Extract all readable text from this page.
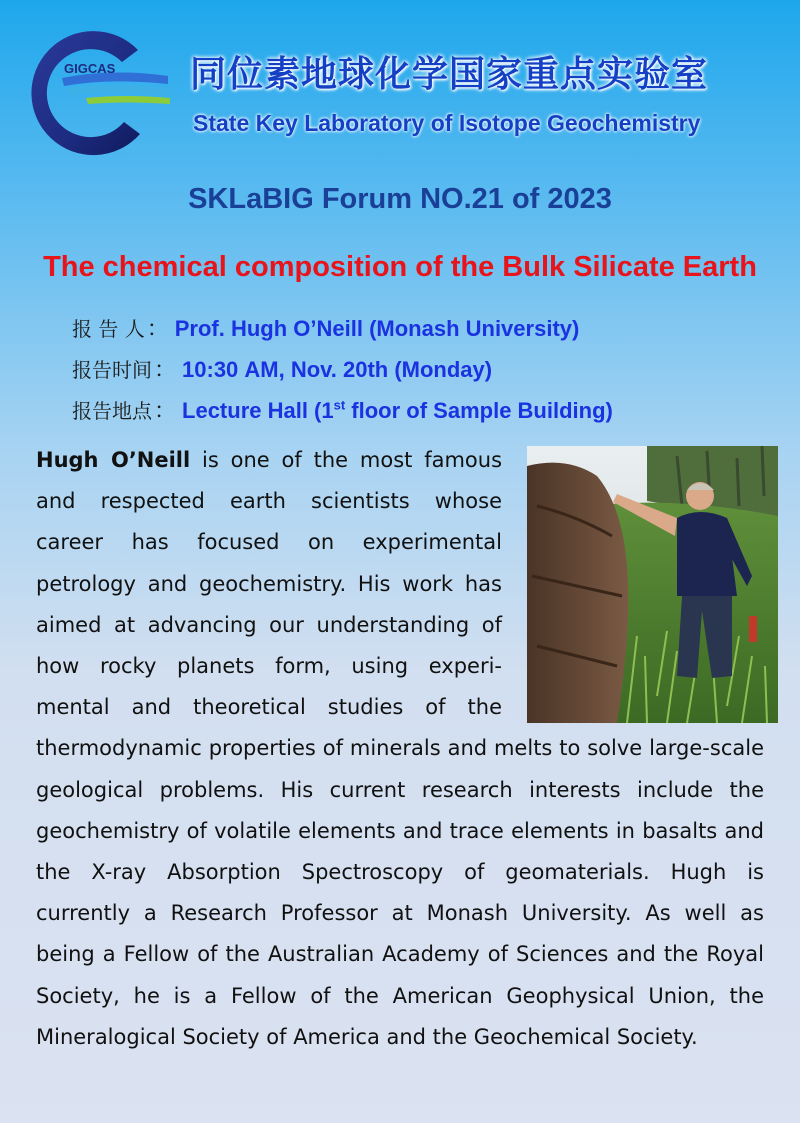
GIGCAS 同位素地球化学国家重点实验室
State Key Laboratory of Isotope Geochemistry
SKLaBIG Forum NO.21 of 2023
The chemical composition of the Bulk Silicate Earth
报 告 人： Prof. Hugh O’Neill (Monash University)
报告时间： 10:30 AM, Nov. 20th (Monday)
报告地点： Lecture Hall (1st floor of Sample Building)
Hugh O’Neill is one of the most famous and respected earth scientists whose career has focused on experimental petrology and geochemistry. His work has aimed at advancing our understanding of how rocky planets form, using experi-mental and theoretical studies of the thermodynamic properties of minerals and melts to solve large-scale geological problems. His current research interests include the geochemistry of volatile elements and trace elements in basalts and the X-ray Absorption Spectroscopy of geomaterials. Hugh is currently a Research Professor at Monash University. As well as being a Fellow of the Australian Academy of Sciences and the Royal Society, he is a Fellow of the American Geophysical Union, the Mineralogical Society of America and the Geochemical Society.
